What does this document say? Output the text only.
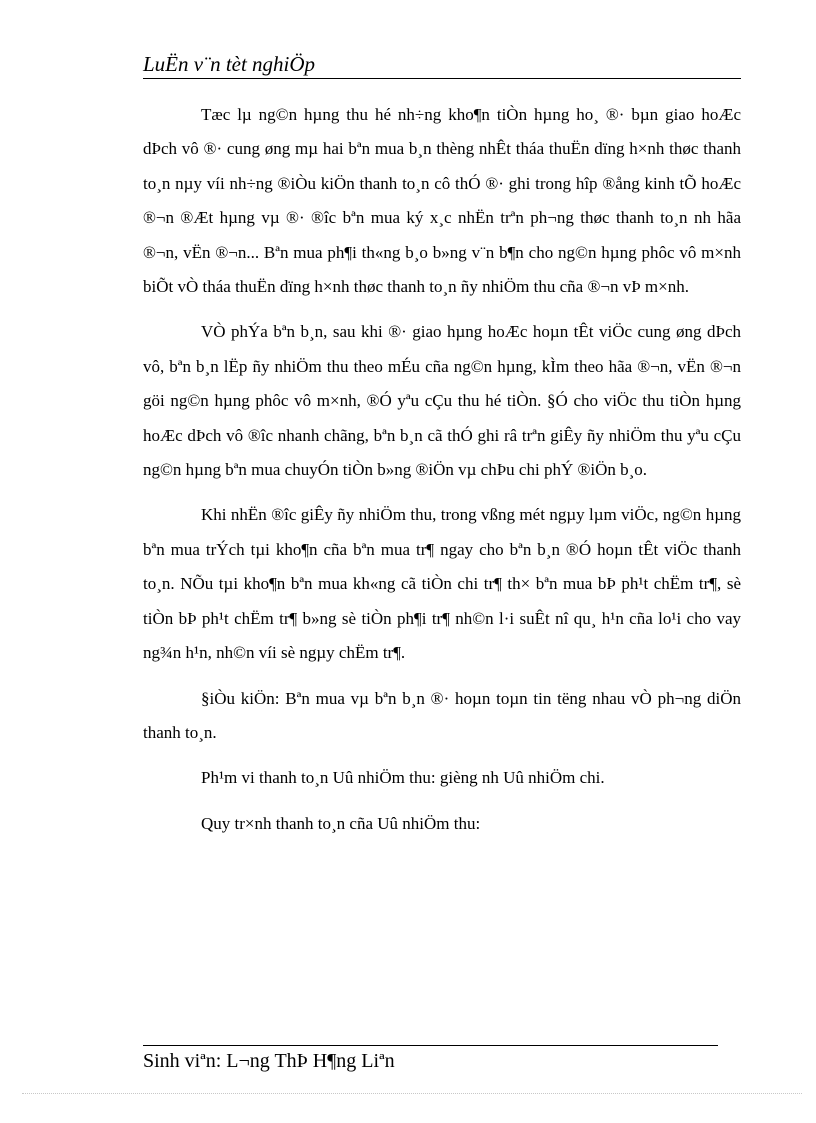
LuËn v¨n tèt nghiÖp

Tæc lµ ng©n hµng thu hé nh÷ng kho¶n tiÒn hµng ho¸ ®· bµn giao hoÆc dÞch vô ®· cung øng mµ hai bªn mua b¸n thèng nhÊt tháa thuËn dïng h×nh thøc thanh to¸n nµy víi nh÷ng ®iÒu kiÖn thanh to¸n cô thÓ ®· ghi trong hîp ®ång kinh tÕ hoÆc ®¬n ®Æt hµng vµ ®· ®îc bªn mua ký x¸c nhËn trªn ph¬ng thøc thanh to¸n nh hãa ®¬n, vËn ®¬n... Bªn mua ph¶i th«ng b¸o b»ng v¨n b¶n cho ng©n hµng phôc vô m×nh biÕt vÒ tháa thuËn dïng h×nh thøc thanh to¸n ñy nhiÖm thu cña ®¬n vÞ m×nh.

VÒ phÝa bªn b¸n, sau khi ®· giao hµng hoÆc hoµn tÊt viÖc cung øng dÞch vô, bªn b¸n lËp ñy nhiÖm thu theo mÉu cña ng©n hµng, kÌm theo hãa ®¬n, vËn ®¬n göi ng©n hµng phôc vô m×nh, ®Ó yªu cÇu thu hé tiÒn. §Ó cho viÖc thu tiÒn hµng hoÆc dÞch vô ®îc nhanh chãng, bªn b¸n cã thÓ ghi râ trªn giÊy ñy nhiÖm thu yªu cÇu ng©n hµng bªn mua chuyÓn tiÒn b»ng ®iÖn vµ chÞu chi phÝ ®iÖn b¸o.

Khi nhËn ®îc giÊy ñy nhiÖm thu, trong vßng mét ngµy lµm viÖc, ng©n hµng bªn mua trÝch tµi kho¶n cña bªn mua tr¶ ngay cho bªn b¸n ®Ó hoµn tÊt viÖc thanh to¸n. NÕu tµi kho¶n bªn mua kh«ng cã tiÒn chi tr¶ th× bªn mua bÞ ph¹t chËm tr¶, sè tiÒn bÞ ph¹t chËm tr¶ b»ng sè tiÒn ph¶i tr¶ nh©n l·i suÊt nî qu¸ h¹n cña lo¹i cho vay ng¾n h¹n, nh©n víi sè ngµy chËm tr¶.

§iÒu kiÖn: Bªn mua vµ bªn b¸n ®· hoµn toµn tin tëng nhau vÒ ph¬ng diÖn thanh to¸n.

Ph¹m vi thanh to¸n Uû nhiÖm thu: gièng nh Uû nhiÖm chi.

Quy tr×nh thanh to¸n cña Uû nhiÖm thu:

Sinh viªn: L¬ng ThÞ H¶ng Liªn
